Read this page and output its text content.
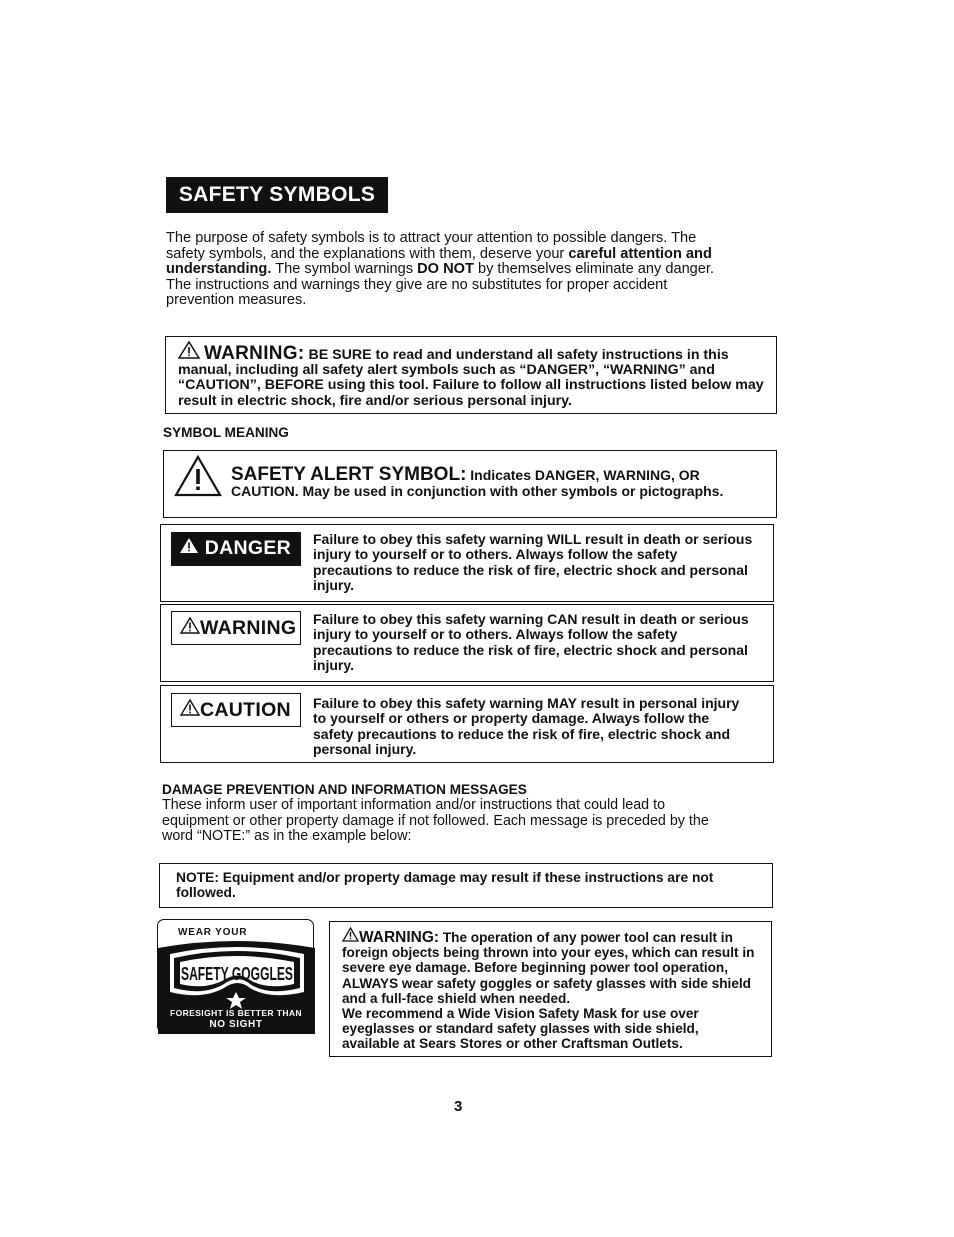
SAFETY SYMBOLS
The purpose of safety symbols is to attract your attention to possible dangers. The safety symbols, and the explanations with them, deserve your careful attention and understanding. The symbol warnings DO NOT by themselves eliminate any danger. The instructions and warnings they give are no substitutes for proper accident prevention measures.
WARNING: BE SURE to read and understand all safety instructions in this manual, including all safety alert symbols such as “DANGER”, “WARNING” and “CAUTION”, BEFORE using this tool. Failure to follow all instructions listed below may result in electric shock, fire and/or serious personal injury.
SYMBOL MEANING
SAFETY ALERT SYMBOL: Indicates DANGER, WARNING, OR CAUTION. May be used in conjunction with other symbols or pictographs.
DANGER	Failure to obey this safety warning WILL result in death or serious injury to yourself or to others. Always follow the safety precautions to reduce the risk of fire, electric shock and personal injury.
WARNING	Failure to obey this safety warning CAN result in death or serious injury to yourself or to others. Always follow the safety precautions to reduce the risk of fire, electric shock and personal injury.
CAUTION	Failure to obey this safety warning MAY result in personal injury to yourself or others or property damage. Always follow the safety precautions to reduce the risk of fire, electric shock and personal injury.
DAMAGE PREVENTION AND INFORMATION MESSAGES
These inform user of important information and/or instructions that could lead to equipment or other property damage if not followed. Each message is preceded by the word “NOTE:” as in the example below:
NOTE: Equipment and/or property damage may result if these instructions are not followed.
WEAR YOUR
SAFETY GOGGLES
FORESIGHT IS BETTER THAN
NO SIGHT
WARNING: The operation of any power tool can result in foreign objects being thrown into your eyes, which can result in severe eye damage. Before beginning power tool operation, ALWAYS wear safety goggles or safety glasses with side shield and a full-face shield when needed.
We recommend a Wide Vision Safety Mask for use over eyeglasses or standard safety glasses with side shield, available at Sears Stores or other Craftsman Outlets.
3
